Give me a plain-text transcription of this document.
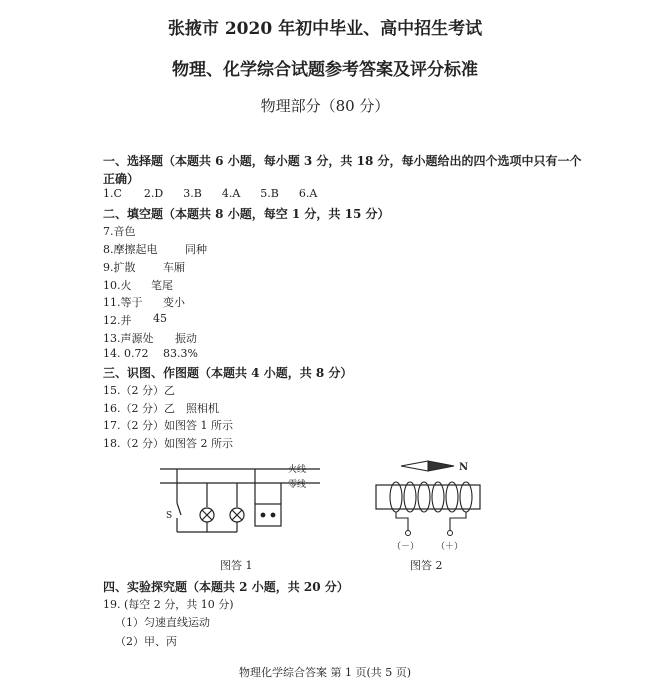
张掖市 2020 年初中毕业、高中招生考试
物理、化学综合试题参考答案及评分标准
物理部分（80 分）
一、选择题（本题共 6 小题，每小题 3 分，共 18 分，每小题给出的四个选项中只有一个
正确）
1.C 2.D 3.B 4.A 5.B 6.A
二、填空题（本题共 8 小题，每空 1 分，共 15 分）
7.音色
8.摩擦起电	同种
9.扩散	车厢
10.火 笔尾
11.等于 变小
12.并 45
13.声源处 振动
14. 0.72 83.3%
三、识图、作图题（本题共 4 小题，共 8 分）
15.（2 分）乙
16.（2 分）乙　照相机
17.（2 分）如图答 1 所示
18.（2 分）如图答 2 所示
火线
零线
S
图答 1
N
（－） （＋）
图答 2
四、实验探究题（本题共 2 小题，共 20 分）
19. (每空 2 分，共 10 分)
（1）匀速直线运动
（2）甲、丙
物理化学综合答案 第 1 页(共 5 页)
